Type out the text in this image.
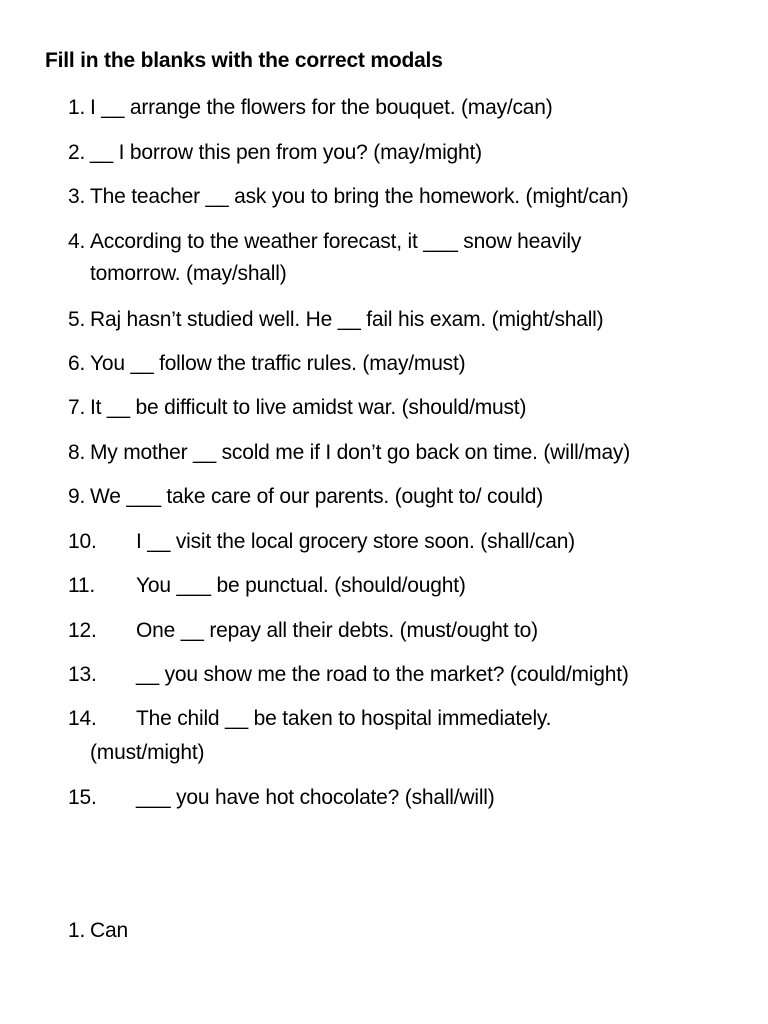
Fill in the blanks with the correct modals
1. I __ arrange the flowers for the bouquet. (may/can)
2. __ I borrow this pen from you? (may/might)
3. The teacher __ ask you to bring the homework. (might/can)
4. According to the weather forecast, it ___ snow heavily
tomorrow. (may/shall)
5. Raj hasn’t studied well. He __ fail his exam. (might/shall)
6. You __ follow the traffic rules. (may/must)
7. It __ be difficult to live amidst war. (should/must)
8. My mother __ scold me if I don’t go back on time. (will/may)
9. We ___ take care of our parents. (ought to/ could)
10. I __ visit the local grocery store soon. (shall/can)
11. You ___ be punctual. (should/ought)
12. One __ repay all their debts. (must/ought to)
13. __ you show me the road to the market? (could/might)
14. The child __ be taken to hospital immediately.
(must/might)
15. ___ you have hot chocolate? (shall/will)
1. Can
